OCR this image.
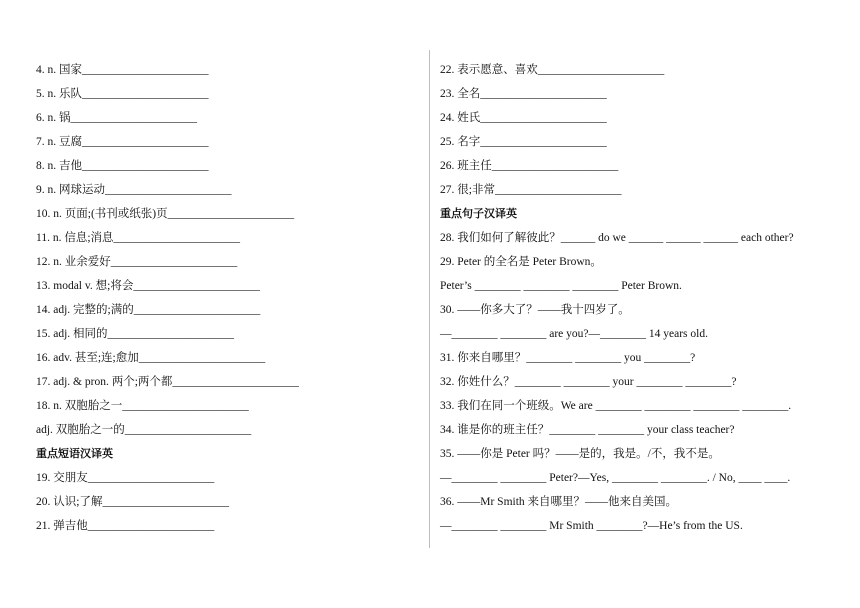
4. n. 国家______________________
5. n. 乐队______________________
6. n. 锅______________________
7. n. 豆腐______________________
8. n. 吉他______________________
9. n. 网球运动______________________
10. n. 页面;(书刊或纸张)页______________________
11. n. 信息;消息______________________
12. n. 业余爱好______________________
13. modal v. 想;将会______________________
14. adj. 完整的;满的______________________
15. adj. 相同的______________________
16. adv. 甚至;连;愈加______________________
17. adj. & pron. 两个;两个都______________________
18. n. 双胞胎之一______________________
adj. 双胞胎之一的______________________
重点短语汉译英
19. 交朋友______________________
20. 认识;了解______________________
21. 弹吉他______________________
22. 表示愿意、喜欢______________________
23. 全名______________________
24. 姓氏______________________
25. 名字______________________
26. 班主任______________________
27. 很;非常______________________
重点句子汉译英
28. 我们如何了解彼此？______ do we ______ ______ ______ each other?
29. Peter 的全名是 Peter Brown。
Peter’s ________ ________ ________ Peter Brown.
30. ——你多大了？——我十四岁了。
—________ ________ are you?—________ 14 years old.
31. 你来自哪里？________ ________ you ________?
32. 你姓什么？________ ________ your ________ ________?
33. 我们在同一个班级。We are ________ ________ ________ ________.
34. 谁是你的班主任？________ ________ your class teacher?
35. ——你是 Peter 吗？——是的，我是。/不，我不是。
—________ ________ Peter?—Yes, ________ ________. / No, ____ ____.
36. ——Mr Smith 来自哪里？——他来自美国。
—________ ________ Mr Smith ________?—He’s from the US.
